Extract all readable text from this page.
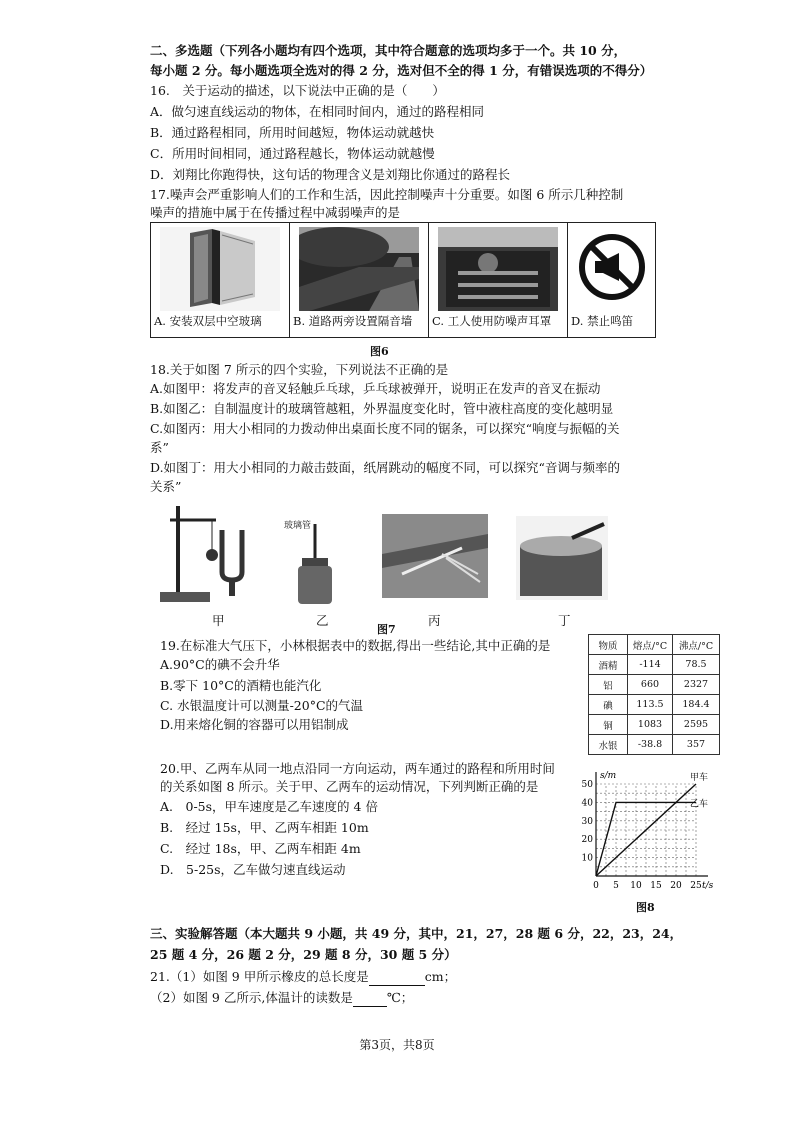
二、多选题（下列各小题均有四个选项，其中符合题意的选项均多于一个。共 10 分，
每小题 2 分。每小题选项全选对的得 2 分，选对但不全的得 1 分，有错误选项的不得分）
16.　关于运动的描述，以下说法中正确的是（　　）
A．做匀速直线运动的物体，在相同时间内，通过的路程相同
B．通过路程相同，所用时间越短，物体运动就越快
C．所用时间相同，通过路程越长，物体运动就越慢
D．刘翔比你跑得快，这句话的物理含义是刘翔比你通过的路程长
17.噪声会严重影响人们的工作和生活，因此控制噪声十分重要。如图 6 所示几种控制
噪声的措施中属于在传播过程中减弱噪声的是
A. 安装双层中空玻璃	B. 道路两旁设置隔音墙	C. 工人使用防噪声耳罩	D. 禁止鸣笛
图6
18.关于如图 7 所示的四个实验，下列说法不正确的是
A.如图甲：将发声的音叉轻触乒乓球，乒乓球被弹开，说明正在发声的音叉在振动
B.如图乙：自制温度计的玻璃管越粗，外界温度变化时，管中液柱高度的变化越明显
C.如图丙：用大小相同的力拨动伸出桌面长度不同的锯条，可以探究“响度与振幅的关
系”
D.如图丁：用大小相同的力敲击鼓面，纸屑跳动的幅度不同，可以探究“音调与频率的
关系”
甲
玻璃管
乙
图7
丙	丁
19.在标准大气压下，小林根据表中的数据,得出一些结论,其中正确的是
A.90°C的碘不会升华
B.零下 10°C的酒精也能汽化
C. 水银温度计可以测量-20°C的气温
D.用来熔化铜的容器可以用铝制成
物质	熔点/°C	沸点/°C
酒精	-114	78.5
铝	660	2327
碘	113.5	184.4
铜	1083	2595
水银	-38.8	357
20.甲、乙两车从同一地点沿同一方向运动，两车通过的路程和所用时间
的关系如图 8 所示。关于甲、乙两车的运动情况，下列判断正确的是
A.　0-5s，甲车速度是乙车速度的 4 倍
B.　经过 15s，甲、乙两车相距 10m
C.　经过 18s，甲、乙两车相距 4m
D.　5-25s，乙车做匀速直线运动
s/m
t/s
0 5 10 15 20 25
10
20
30
40
50
甲车
乙车
图8
三、实验解答题（本大题共 9 小题，共 49 分，其中，21，27，28 题 6 分，22，23，24，
25 题 4 分，26 题 2 分，29 题 8 分，30 题 5 分）
21.（1）如图 9 甲所示橡皮的总长度是	cm；
（2）如图 9 乙所示,体温计的读数是	℃；
第3页，共8页
